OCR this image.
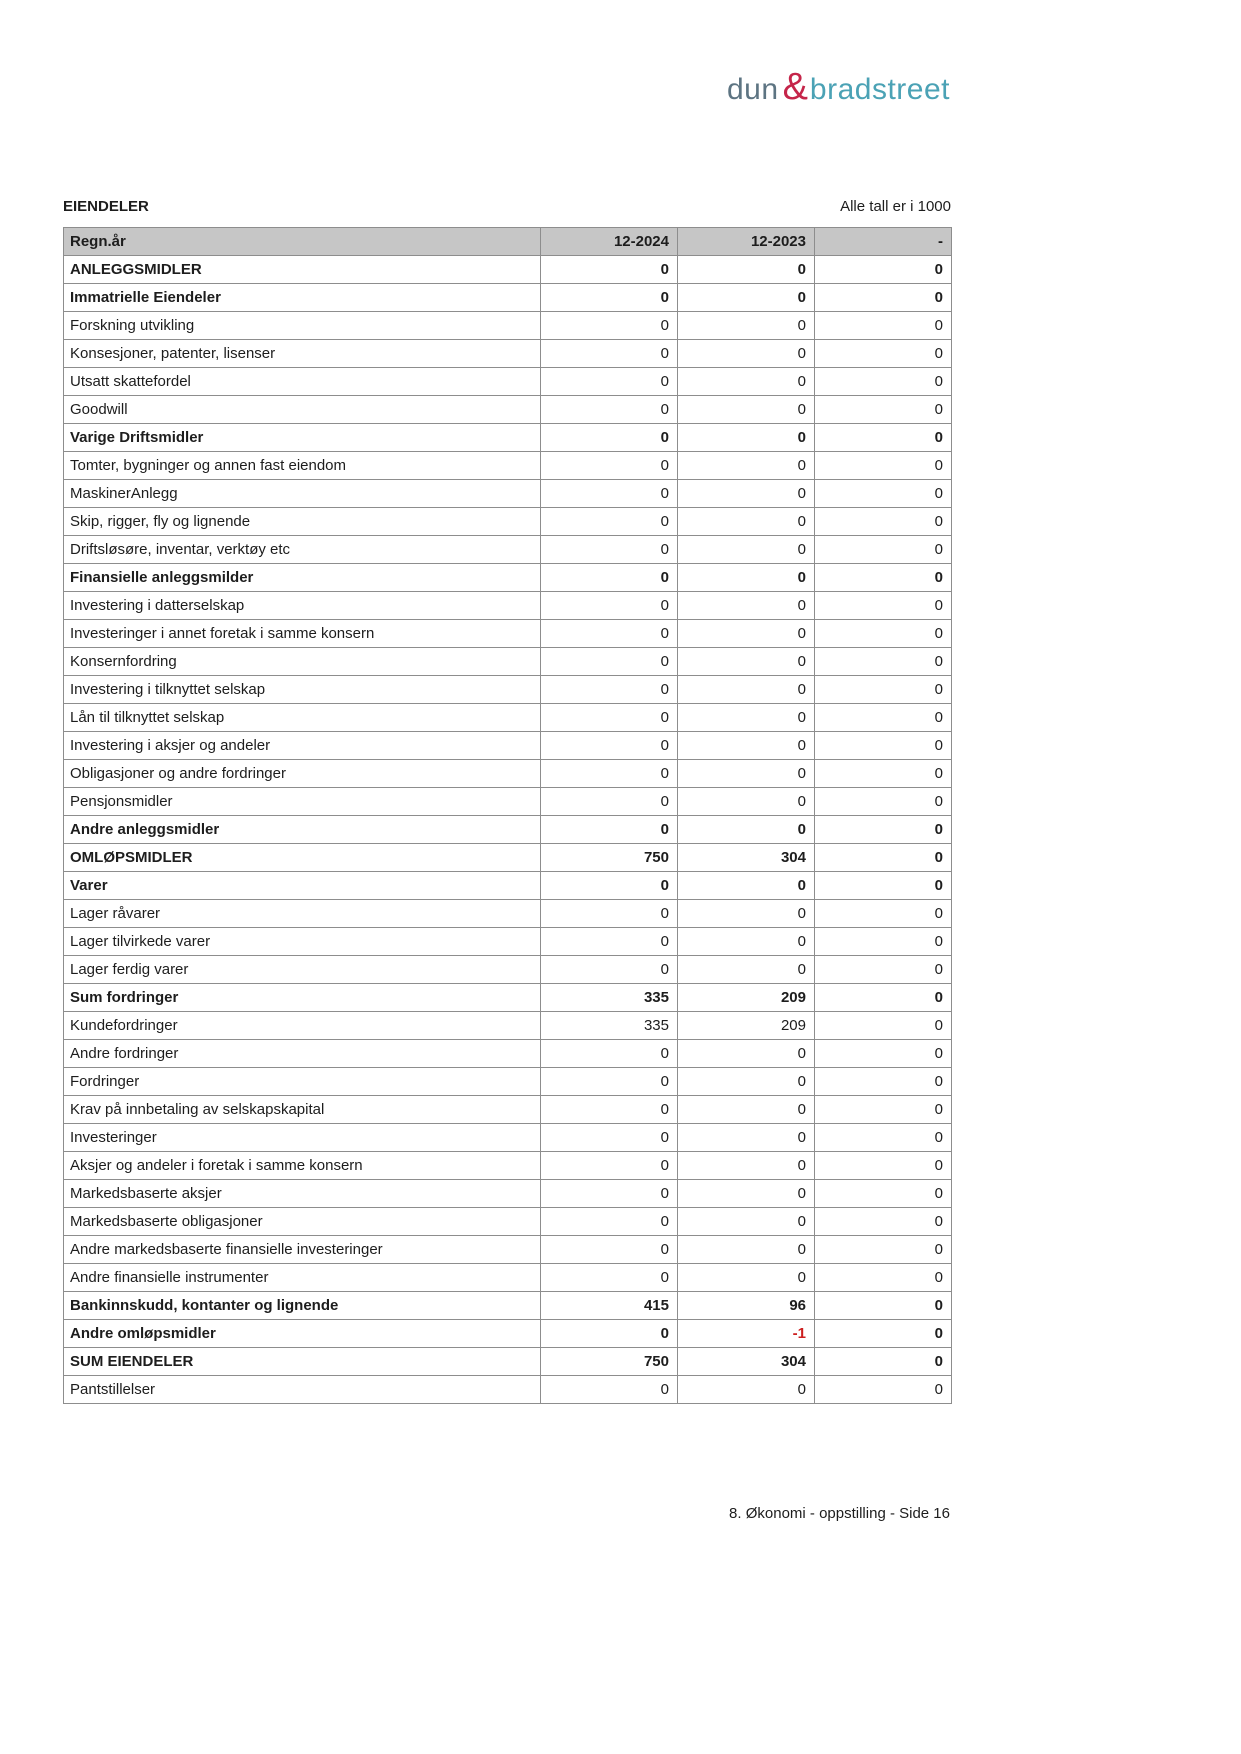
dun & bradstreet
EIENDELER	Alle tall er i 1000
Regn.år	12-2024	12-2023	-
ANLEGGSMIDLER	0	0	0
Immatrielle Eiendeler	0	0	0
Forskning utvikling	0	0	0
Konsesjoner, patenter, lisenser	0	0	0
Utsatt skattefordel	0	0	0
Goodwill	0	0	0
Varige Driftsmidler	0	0	0
Tomter, bygninger og annen fast eiendom	0	0	0
MaskinerAnlegg	0	0	0
Skip, rigger, fly og lignende	0	0	0
Driftsløsøre, inventar, verktøy etc	0	0	0
Finansielle anleggsmilder	0	0	0
Investering i datterselskap	0	0	0
Investeringer i annet foretak i samme konsern	0	0	0
Konsernfordring	0	0	0
Investering i tilknyttet selskap	0	0	0
Lån til tilknyttet selskap	0	0	0
Investering i aksjer og andeler	0	0	0
Obligasjoner og andre fordringer	0	0	0
Pensjonsmidler	0	0	0
Andre anleggsmidler	0	0	0
OMLØPSMIDLER	750	304	0
Varer	0	0	0
Lager råvarer	0	0	0
Lager tilvirkede varer	0	0	0
Lager ferdig varer	0	0	0
Sum fordringer	335	209	0
Kundefordringer	335	209	0
Andre fordringer	0	0	0
Fordringer	0	0	0
Krav på innbetaling av selskapskapital	0	0	0
Investeringer	0	0	0
Aksjer og andeler i foretak i samme konsern	0	0	0
Markedsbaserte aksjer	0	0	0
Markedsbaserte obligasjoner	0	0	0
Andre markedsbaserte finansielle investeringer	0	0	0
Andre finansielle instrumenter	0	0	0
Bankinnskudd, kontanter og lignende	415	96	0
Andre omløpsmidler	0	-1	0
SUM EIENDELER	750	304	0
Pantstillelser	0	0	0
8. Økonomi - oppstilling - Side 16
